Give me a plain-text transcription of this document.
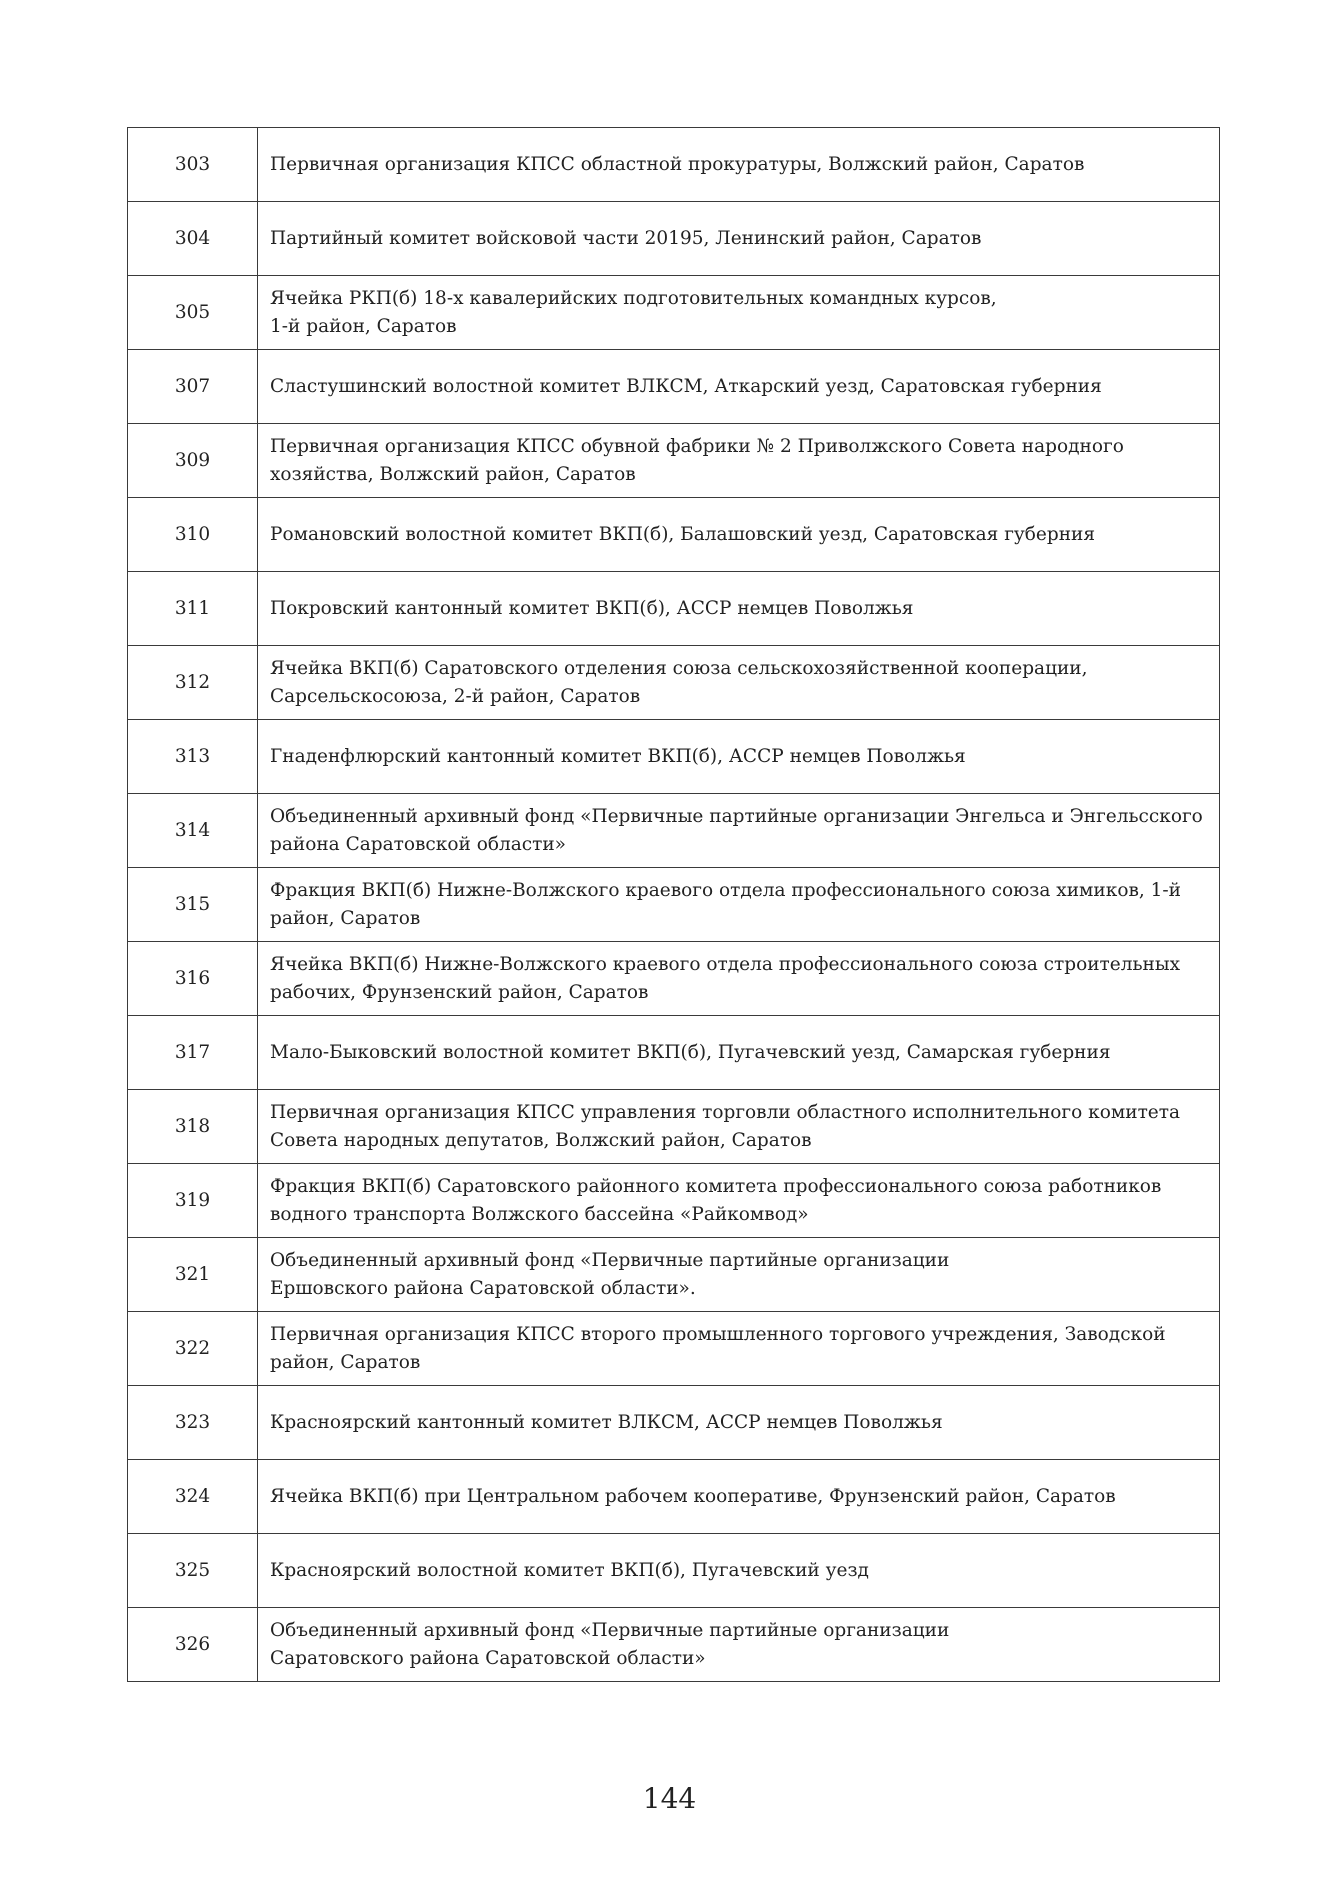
303	Первичная организация КПСС областной прокуратуры, Волжский район, Саратов
304	Партийный комитет войсковой части 20195, Ленинский район, Саратов
305	Ячейка РКП(б) 18-х кавалерийских подготовительных командных курсов,
1-й район, Саратов
307	Сластушинский волостной комитет ВЛКСМ, Аткарский уезд, Саратовская губерния
309	Первичная организация КПСС обувной фабрики № 2 Приволжского Совета народного
хозяйства, Волжский район, Саратов
310	Романовский волостной комитет ВКП(б), Балашовский уезд, Саратовская губерния
311	Покровский кантонный комитет ВКП(б), АССР немцев Поволжья
312	Ячейка ВКП(б) Саратовского отделения союза сельскохозяйственной кооперации,
Сарсельскосоюза, 2-й район, Саратов
313	Гнаденфлюрский кантонный комитет ВКП(б), АССР немцев Поволжья
314	Объединенный архивный фонд «Первичные партийные организации Энгельса и Энгельсского
района Саратовской области»
315	Фракция ВКП(б) Нижне-Волжского краевого отдела профессионального союза химиков, 1-й
район, Саратов
316	Ячейка ВКП(б) Нижне-Волжского краевого отдела профессионального союза строительных
рабочих, Фрунзенский район, Саратов
317	Мало-Быковский волостной комитет ВКП(б), Пугачевский уезд, Самарская губерния
318	Первичная организация КПСС управления торговли областного исполнительного комитета
Совета народных депутатов, Волжский район, Саратов
319	Фракция ВКП(б) Саратовского районного комитета профессионального союза работников
водного транспорта Волжского бассейна «Райкомвод»
321	Объединенный архивный фонд «Первичные партийные организации
Ершовского района Саратовской области».
322	Первичная организация КПСС второго промышленного торгового учреждения, Заводской
район, Саратов
323	Красноярский кантонный комитет ВЛКСМ, АССР немцев Поволжья
324	Ячейка ВКП(б) при Центральном рабочем кооперативе, Фрунзенский район, Саратов
325	Красноярский волостной комитет ВКП(б), Пугачевский уезд
326	Объединенный архивный фонд «Первичные партийные организации
Саратовского района Саратовской области»
144
